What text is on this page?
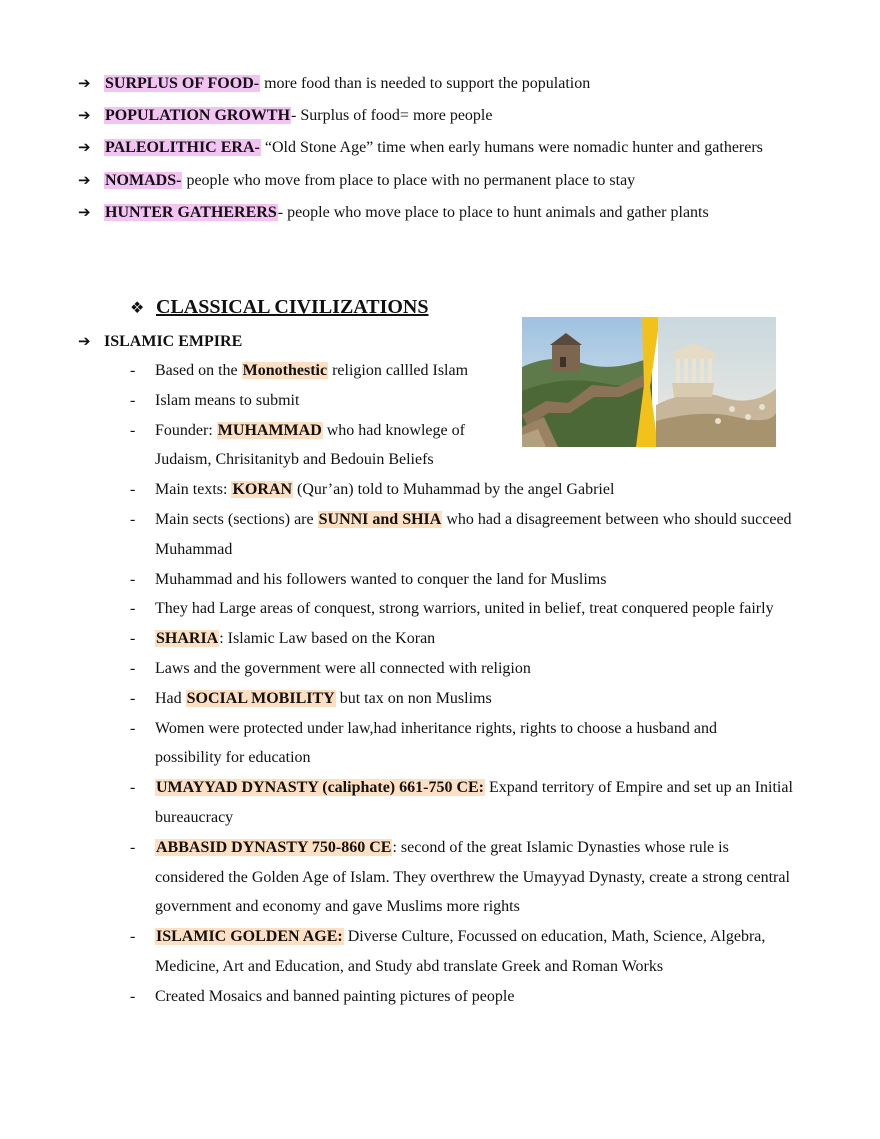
➔ SURPLUS OF FOOD- more food than is needed to support the population
➔ POPULATION GROWTH- Surplus of food= more people
➔ PALEOLITHIC ERA- “Old Stone Age” time when early humans were nomadic hunter and gatherers
➔ NOMADS- people who move from place to place with no permanent place to stay
➔ HUNTER GATHERERS- people who move place to place to hunt animals and gather plants
❖ CLASSICAL CIVILIZATIONS
➔ ISLAMIC EMPIRE
- Based on the Monothestic religion callled Islam
- Islam means to submit
- Founder: MUHAMMAD who had knowlege of Judaism, Chrisitanityb and Bedouin Beliefs
- Main texts: KORAN (Qur’an) told to Muhammad by the angel Gabriel
- Main sects (sections) are SUNNI and SHIA who had a disagreement between who should succeed Muhammad
- Muhammad and his followers wanted to conquer the land for Muslims
- They had Large areas of conquest, strong warriors, united in belief, treat conquered people fairly
- SHARIA: Islamic Law based on the Koran
- Laws and the government were all connected with religion
- Had SOCIAL MOBILITY but tax on non Muslims
- Women were protected under law,had inheritance rights, rights to choose a husband and possibility for education
- UMAYYAD DYNASTY (caliphate) 661-750 CE: Expand territory of Empire and set up an Initial bureaucracy
- ABBASID DYNASTY 750-860 CE: second of the great Islamic Dynasties whose rule is considered the Golden Age of Islam. They overthrew the Umayyad Dynasty, create a strong central government and economy and gave Muslims more rights
- ISLAMIC GOLDEN AGE: Diverse Culture, Focussed on education, Math, Science, Algebra, Medicine, Art and Education, and Study abd translate Greek and Roman Works
- Created Mosaics and banned painting pictures of people
